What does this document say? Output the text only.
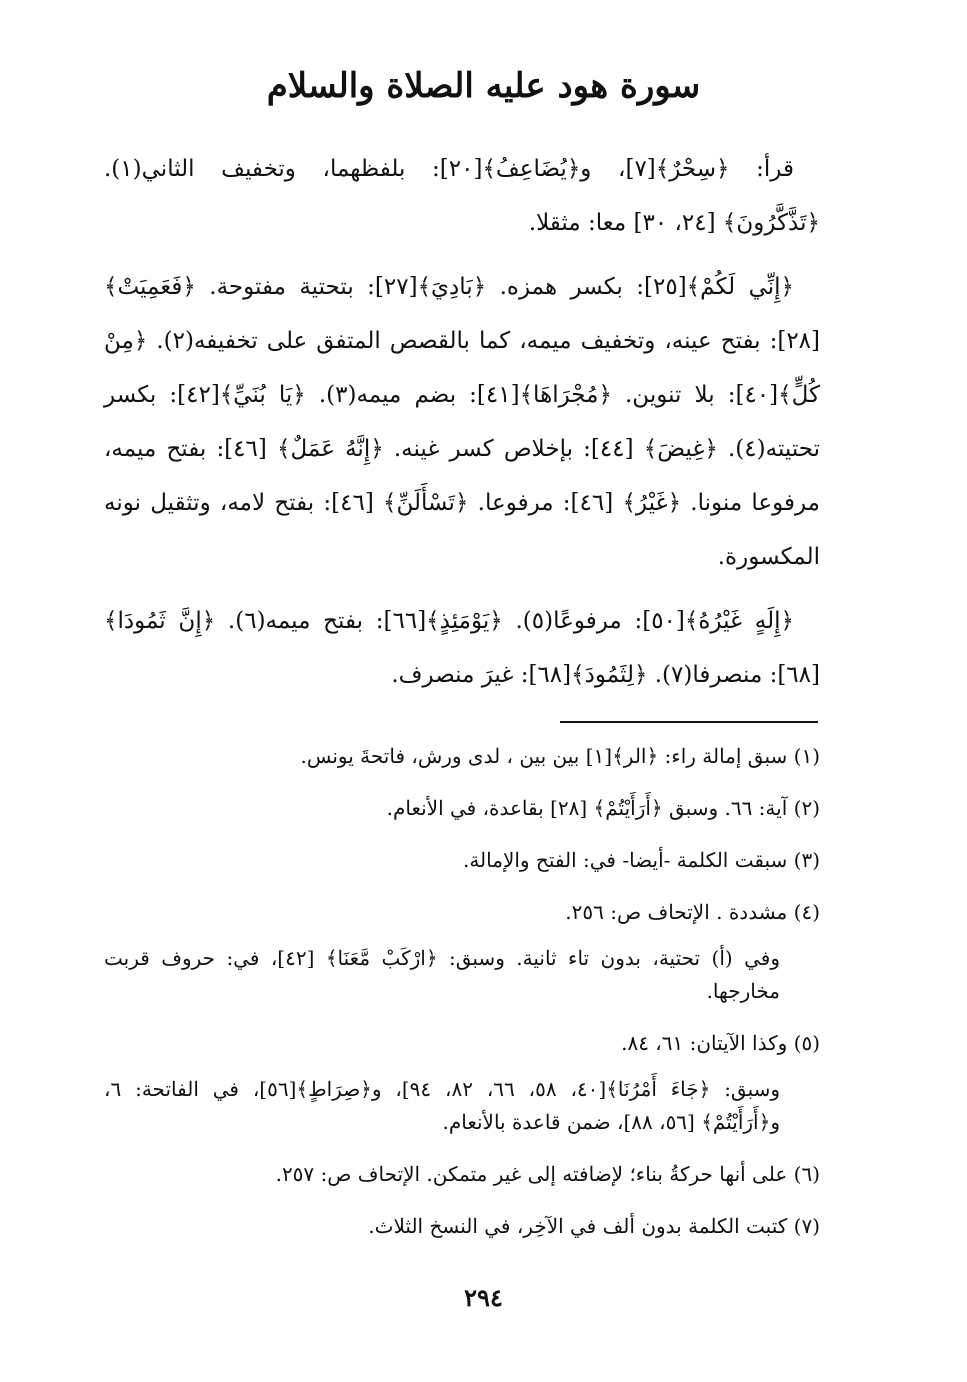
سورة هود عليه الصلاة والسلام

قرأ: ﴿سِحْرٌ﴾[٧]، و﴿يُضَاعِفُ﴾[٢٠]: بلفظهما، وتخفيف الثاني(١). ﴿تَذَّكَّرُونَ﴾ [٢٤، ٣٠] معا: مثقلا.

﴿إِنِّي لَكُمْ﴾[٢٥]: بكسر همزه. ﴿بَادِيَ﴾[٢٧]: بتحتية مفتوحة. ﴿فَعَمِيَتْ﴾ [٢٨]: بفتح عينه، وتخفيف ميمه، كما بالقصص المتفق على تخفيفه(٢). ﴿مِنْ كُلٍّ﴾[٤٠]: بلا تنوين. ﴿مُجْرَاهَا﴾[٤١]: بضم ميمه(٣). ﴿يَا بُنَيِّ﴾[٤٢]: بكسر تحتيته(٤). ﴿غِيضَ﴾ [٤٤]: بإخلاص كسر غينه. ﴿إِنَّهُ عَمَلٌ﴾ [٤٦]: بفتح ميمه، مرفوعا منونا. ﴿غَيْرُ﴾ [٤٦]: مرفوعا. ﴿تَسْأَلَنِّ﴾ [٤٦]: بفتح لامه، وتثقيل نونه المكسورة.

﴿إِلَهٍ غَيْرُهُ﴾[٥٠]: مرفوعًا(٥). ﴿يَوْمَئِذٍ﴾[٦٦]: بفتح ميمه(٦). ﴿إِنَّ ثَمُودَا﴾[٦٨]: منصرفا(٧). ﴿لِثَمُودَ﴾[٦٨]: غيرَ منصرف.

(١) سبق إمالة راء: ﴿الر﴾[١] بين بين ، لدى ورش، فاتحةَ يونس.
(٢) آية: ٦٦. وسبق ﴿أَرَأَيْتُمْ﴾ [٢٨] بقاعدة، في الأنعام.
(٣) سبقت الكلمة -أيضا- في: الفتح والإمالة.
(٤) مشددة . الإتحاف ص: ٢٥٦.
وفي (أ) تحتية، بدون تاء ثانية. وسبق: ﴿ارْكَبْ مَّعَنَا﴾ [٤٢]، في: حروف قربت مخارجها.
(٥) وكذا الآيتان: ٦١، ٨٤.
وسبق: ﴿جَاءَ أَمْرُنَا﴾[٤٠، ٥٨، ٦٦، ٨٢، ٩٤]، و﴿صِرَاطٍ﴾[٥٦]، في الفاتحة: ٦، و﴿أَرَأَيْتُمْ﴾ [٥٦، ٨٨]، ضمن قاعدة بالأنعام.
(٦) على أنها حركةُ بناء؛ لإضافته إلى غير متمكن. الإتحاف ص: ٢٥٧.
(٧) كتبت الكلمة بدون ألف في الآخِر، في النسخ الثلاث.
٢٩٤
